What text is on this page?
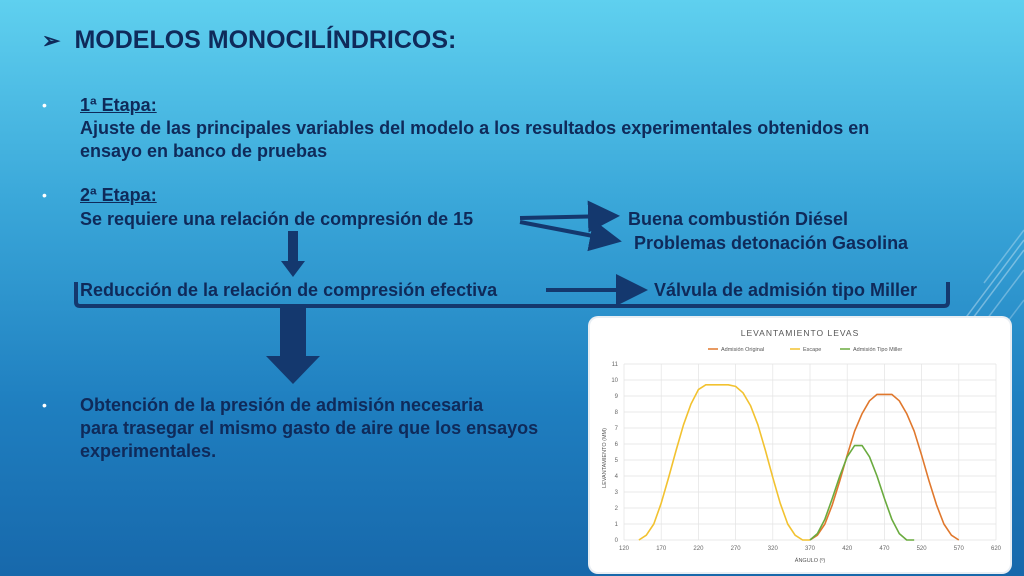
➢ MODELOS MONOCILÍNDRICOS:
• 1ª Etapa:
Ajuste de las principales variables del modelo a los resultados experimentales obtenidos en
ensayo en banco de pruebas
• 2ª Etapa:
Se requiere una relación de compresión de 15	Buena combustión Diésel
Problemas detonación Gasolina
Reducción de la relación de compresión efectiva	Válvula de admisión tipo Miller
• Obtención de la presión de admisión necesaria
para trasegar el mismo gasto de aire que los ensayos
experimentales.
LEVANTAMIENTO LEVAS
Admisión Original	Escape	Admisión Tipo Miller
120	170	220	270	320	370	420	470	520	570	620
0
1
2
3
4
5
6
7
8
9
10
11
ÁNGULO (º)
LEVANTAMIENTO (MM)
